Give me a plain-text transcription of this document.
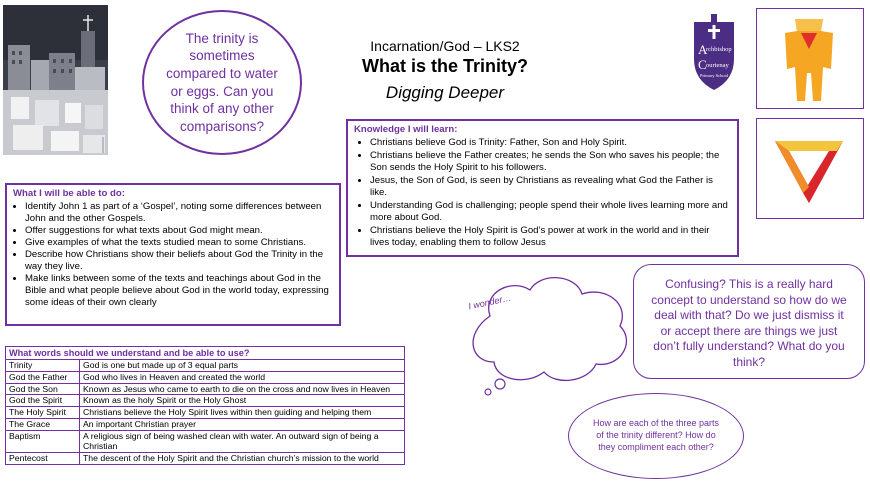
Incarnation/God – LKS2
What is the Trinity?
Digging Deeper
The trinity is sometimes compared to water or eggs. Can you think of any other comparisons?
A
C
rchbishop
ourtenay
Primary School
Knowledge I will learn:
• Christians believe God is Trinity: Father, Son and Holy Spirit.
• Christians believe the Father creates; he sends the Son who saves his people; the Son sends the Holy Spirit to his followers.
• Jesus, the Son of God, is seen by Christians as revealing what God the Father is like.
• Understanding God is challenging; people spend their whole lives learning more and more about God.
• Christians believe the Holy Spirit is God’s power at work in the world and in their lives today, enabling them to follow Jesus
What I will be able to do:
• Identify John 1 as part of a ‘Gospel’, noting some differences between John and the other Gospels.
• Offer suggestions for what texts about God might mean.
• Give examples of what the texts studied mean to some Christians.
• Describe how Christians show their beliefs about God the Trinity in the way they live.
• Make links between some of the texts and teachings about God in the Bible and what people believe about God in the world today, expressing some ideas of their own clearly
What words should we understand and be able to use?
Trinity	God is one but made up of 3 equal parts
God the Father	God who lives in Heaven and created the world
God the Son	Known as Jesus who came to earth to die on the cross and now lives in Heaven
God the Spirit	Known as the holy Spirit or the Holy Ghost
The Holy Spirit	Christians believe the Holy Spirit lives within then guiding and helping them
The Grace	An important Christian prayer
Baptism	A religious sign of being washed clean with water. An outward sign of being a Christian
Pentecost	The descent of the Holy Spirit and the Christian church’s mission to the world
I wonder…
Confusing? This is a really hard concept to understand so how do we deal with that? Do we just dismiss it or accept there are things we just don’t fully understand? What do you think?
How are each of the three parts of the trinity different? How do they compliment each other?
